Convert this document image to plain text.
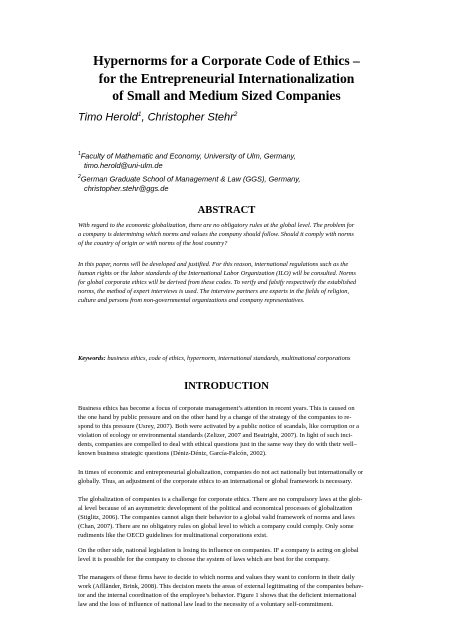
Hypernorms for a Corporate Code of Ethics –
for the Entrepreneurial Internationalization
of Small and Medium Sized Companies
Timo Herold$^1$, Christopher Stehr$^2$
$^1$Faculty of Mathematic and Economy, University of Ulm, Germany,
timo.herold@uni-ulm.de
$^2$German Graduate School of Management & Law (GGS), Germany,
christopher.stehr@ggs.de
ABSTRACT
With regard to the economic globalization, there are no obligatory rules at the global level. The problem for
a company is determining which norms and values the company should follow. Should it comply with norms
of the country of origin or with norms of the host country?
In this paper, norms will be developed and justified. For this reason, international regulations such as the
human rights or the labor standards of the International Labor Organization (ILO) will be consulted. Norms
for global corporate ethics will be derived from these codes. To verify and falsify respectively the established
norms, the method of expert interviews is used. The interview partners are experts in the fields of religion,
culture and persons from non-governmental organizations and company representatives.
Keywords: business ethics, code of ethics, hypernorm, international standards, multinational corporations
INTRODUCTION
Business ethics has become a focus of corporate management’s attention in recent years. This is caused on
the one hand by public pressure and on the other hand by a change of the strategy of the companies to re-
spond to this pressure (Usrey, 2007). Both were activated by a public notice of scandals, like corruption or a
violation of ecology or environmental standards (Zelizer, 2007 and Beatright, 2007). In light of such inci-
dents, companies are compelled to deal with ethical questions just in the same way they do with their well–
known business strategic questions (Déniz-Déniz, García-Falcón, 2002).
In times of economic and entrepreneurial globalization, companies do not act nationally but internationally or
globally. Thus, an adjustment of the corporate ethics to an international or global framework is necessary.
The globalization of companies is a challenge for corporate ethics. There are no compulsory laws at the glob-
al level because of an asymmetric development of the political and economical processes of globalization
(Stiglitz, 2006). The companies cannot align their behavior to a global valid framework of norms and laws
(Chan, 2007). There are no obligatory rules on global level to which a company could comply. Only some
rudiments like the OECD guidelines for multinational corporations exist.
On the other side, national legislation is losing its influence on companies. IF a company is acting on global
level it is possible for the company to choose the system of laws which are best for the company.
The managers of these firms have to decide to which norms and values they want to conform in their daily
work (Aflländer, Brink, 2008). This decision meets the areas of external legitimating of the companies behav-
ior and the internal coordination of the employee’s behavior. Figure 1 shows that the deficient international
law and the loss of influence of national law lead to the necessity of a voluntary self-commitment.
